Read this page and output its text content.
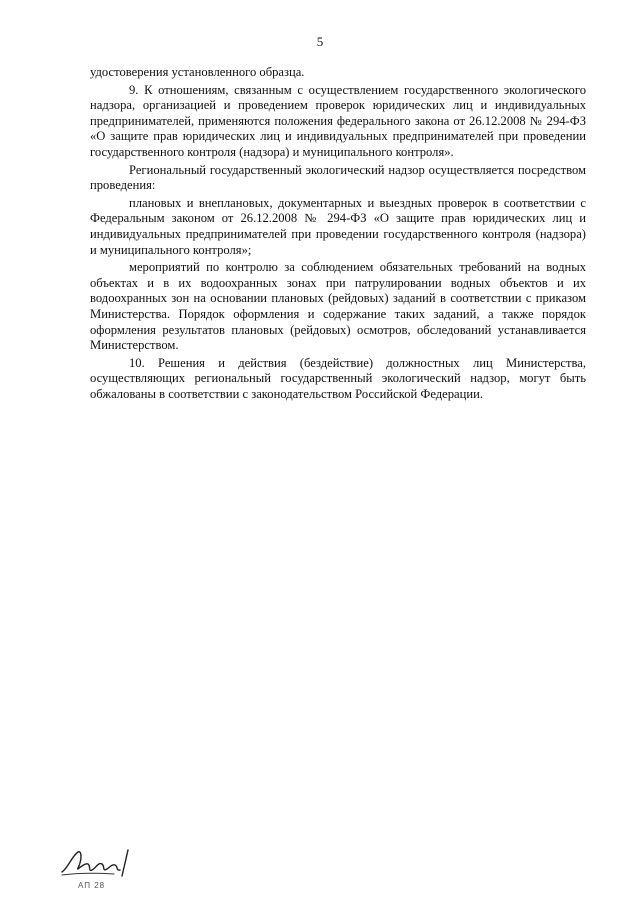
5

удостоверения установленного образца.

9. К отношениям, связанным с осуществлением государственного экологического надзора, организацией и проведением проверок юридических лиц и индивидуальных предпринимателей, применяются положения федерального закона от 26.12.2008 № 294-ФЗ «О защите прав юридических лиц и индивидуальных предпринимателей при проведении государственного контроля (надзора) и муниципального контроля».

Региональный государственный экологический надзор осуществляется посредством проведения:

плановых и внеплановых, документарных и выездных проверок в соответствии с Федеральным законом от 26.12.2008 № 294-ФЗ «О защите прав юридических лиц и индивидуальных предпринимателей при проведении государственного контроля (надзора) и муниципального контроля»;

мероприятий по контролю за соблюдением обязательных требований на водных объектах и в их водоохранных зонах при патрулировании водных объектов и их водоохранных зон на основании плановых (рейдовых) заданий в соответствии с приказом Министерства. Порядок оформления и содержание таких заданий, а также порядок оформления результатов плановых (рейдовых) осмотров, обследований устанавливается Министерством.

10. Решения и действия (бездействие) должностных лиц Министерства, осуществляющих региональный государственный экологический надзор, могут быть обжалованы в соответствии с законодательством Российской Федерации.

АП 28
